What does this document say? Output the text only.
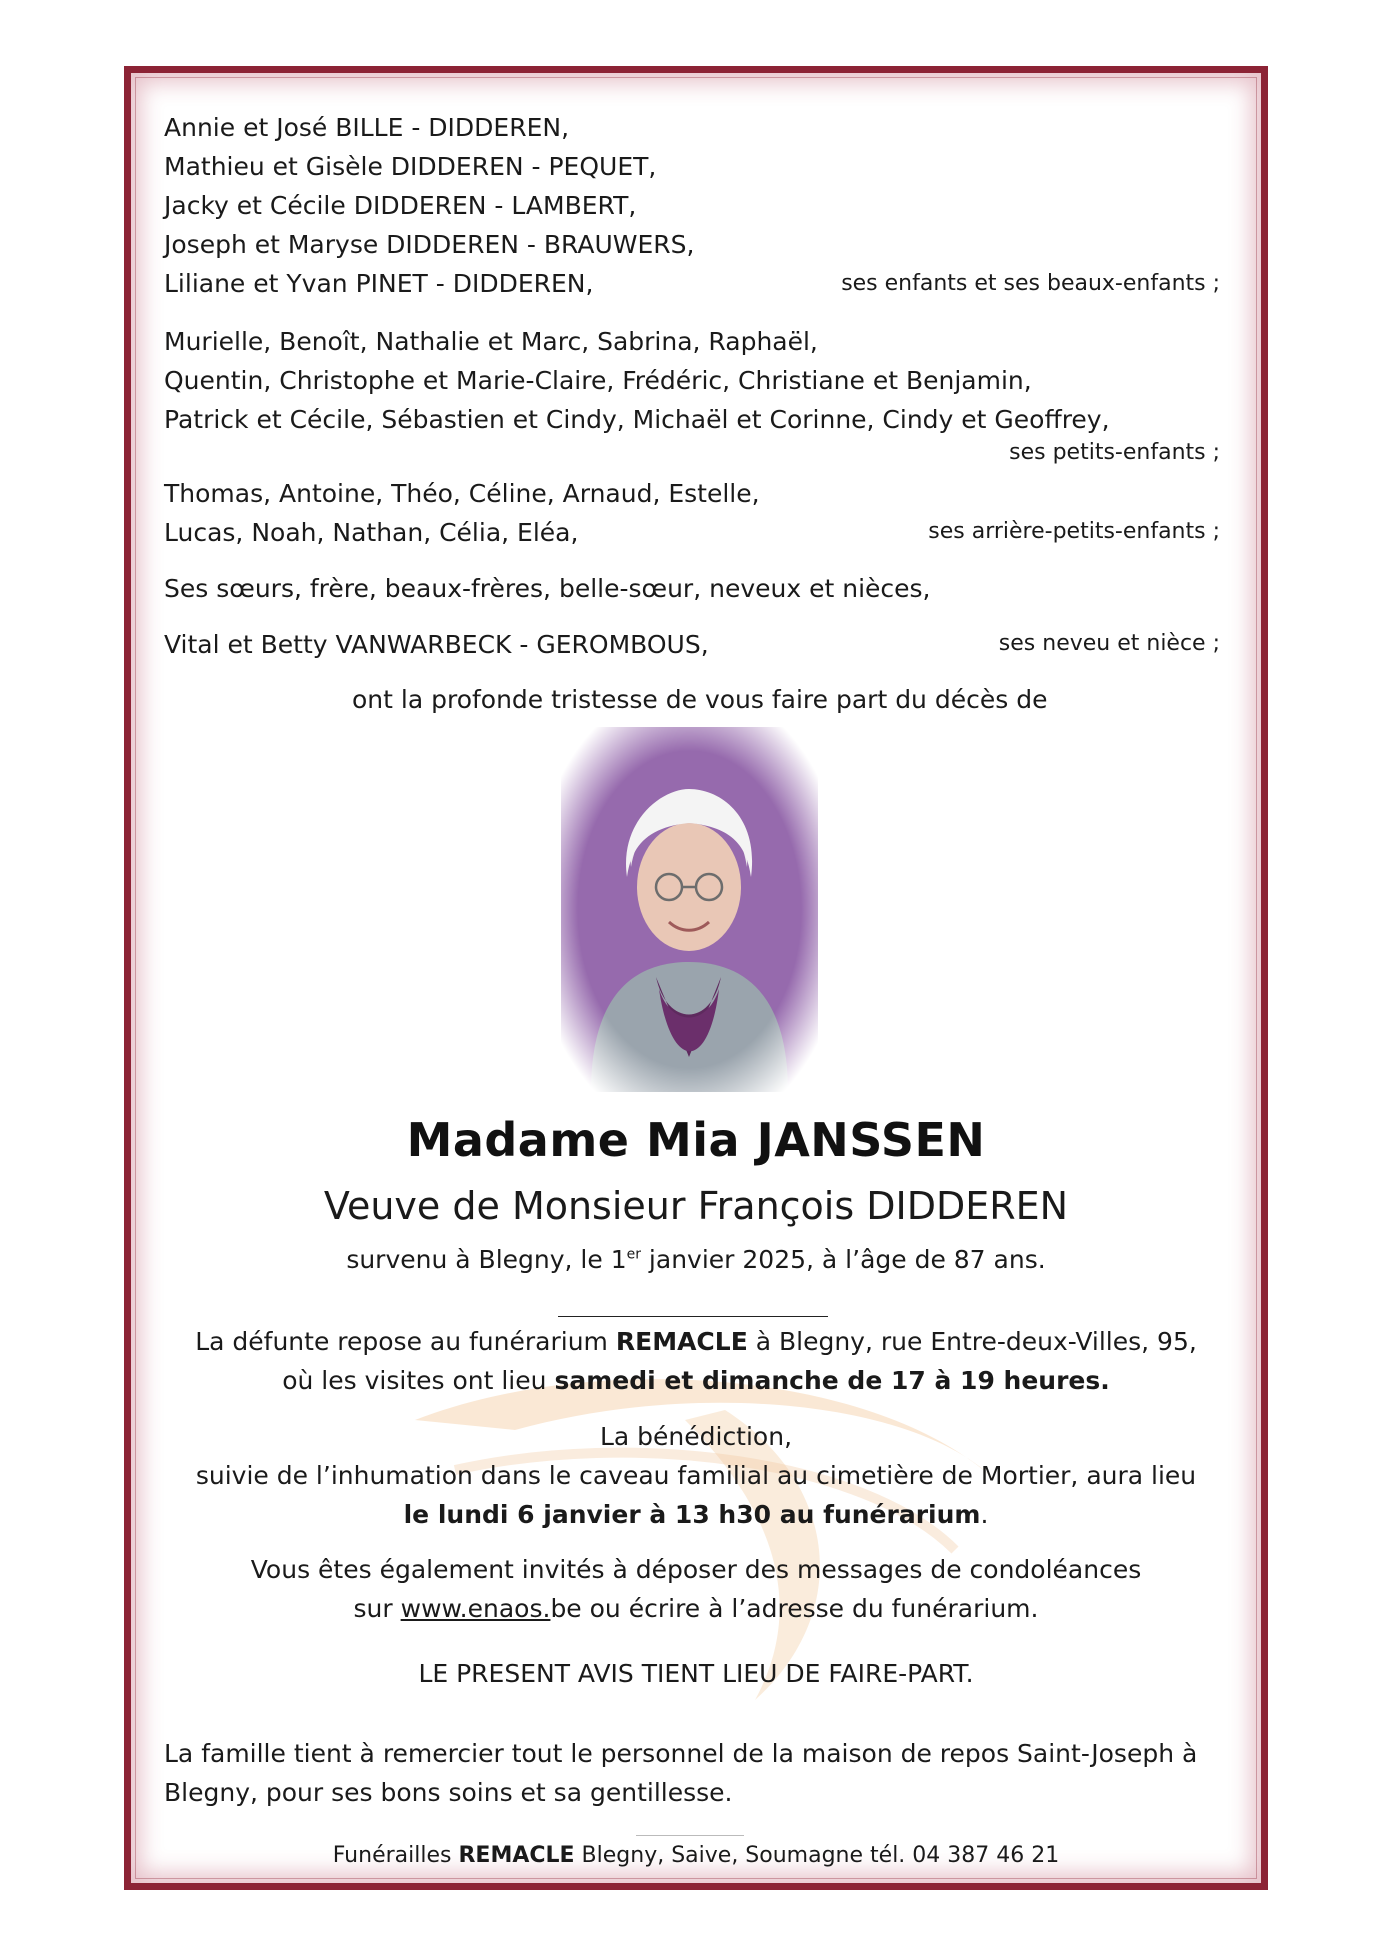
Annie et José BILLE - DIDDEREN,

Mathieu et Gisèle DIDDEREN - PEQUET,

Jacky et Cécile DIDDEREN - LAMBERT,

Joseph et Maryse DIDDEREN - BRAUWERS,

Liliane et Yvan PINET - DIDDEREN,	ses enfants et ses beaux-enfants ;

Murielle, Benoît, Nathalie et Marc, Sabrina, Raphaël,

Quentin, Christophe et Marie-Claire, Frédéric, Christiane et Benjamin,

Patrick et Cécile, Sébastien et Cindy, Michaël et Corinne, Cindy et Geoffrey,

ses petits-enfants ;

Thomas, Antoine, Théo, Céline, Arnaud, Estelle,

Lucas, Noah, Nathan, Célia, Eléa,	ses arrière-petits-enfants ;

Ses sœurs, frère, beaux-frères, belle-sœur, neveux et nièces,

Vital et Betty VANWARBECK - GEROMBOUS,	ses neveu et nièce ;

ont la profonde tristesse de vous faire part du décès de

Madame Mia JANSSEN

Veuve de Monsieur François DIDDEREN

survenu à Blegny, le 1er janvier 2025, à l’âge de 87 ans.

La défunte repose au funérarium REMACLE à Blegny, rue Entre-deux-Villes, 95,

où les visites ont lieu samedi et dimanche de 17 à 19 heures.

La bénédiction,

suivie de l’inhumation dans le caveau familial au cimetière de Mortier, aura lieu

le lundi 6 janvier à 13 h30 au funérarium.

Vous êtes également invités à déposer des messages de condoléances

sur www.enaos.be ou écrire à l’adresse du funérarium.

LE PRESENT AVIS TIENT LIEU DE FAIRE-PART.

La famille tient à remercier tout le personnel de la maison de repos Saint-Joseph à

Blegny, pour ses bons soins et sa gentillesse.

Funérailles REMACLE Blegny, Saive, Soumagne tél. 04 387 46 21
